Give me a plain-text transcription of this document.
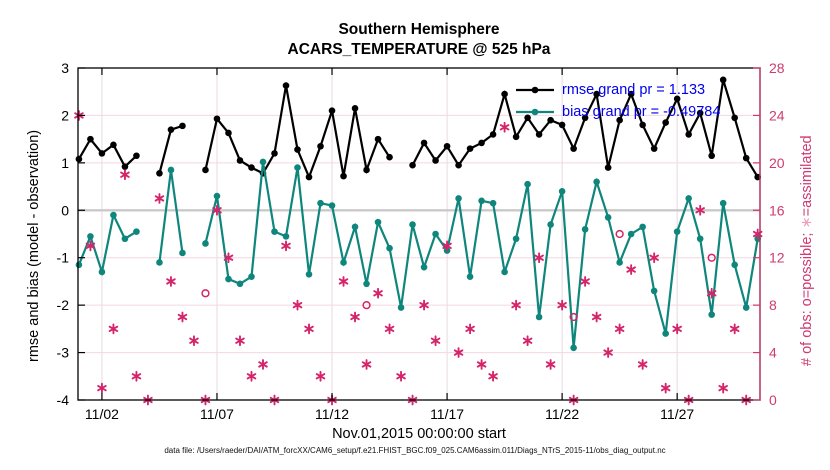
11/02	11/07	11/12	11/17	11/22	11/27
3
2
1
0
-1
-2
-3
-4	0
4
8
12
16
20
24
28
Southern Hemisphere
ACARS_TEMPERATURE @ 525 hPa
rmse and bias (model - observation)	# of obs: o=possible; ∗=assimilated
Nov.01,2015 00:00:00 start
rmse grand pr = 1.133
bias grand pr = -0.49784
data file: /Users/raeder/DAI/ATM_forcXX/CAM6_setup/f.e21.FHIST_BGC.f09_025.CAM6assim.011/Diags_NTrS_2015-11/obs_diag_output.nc
